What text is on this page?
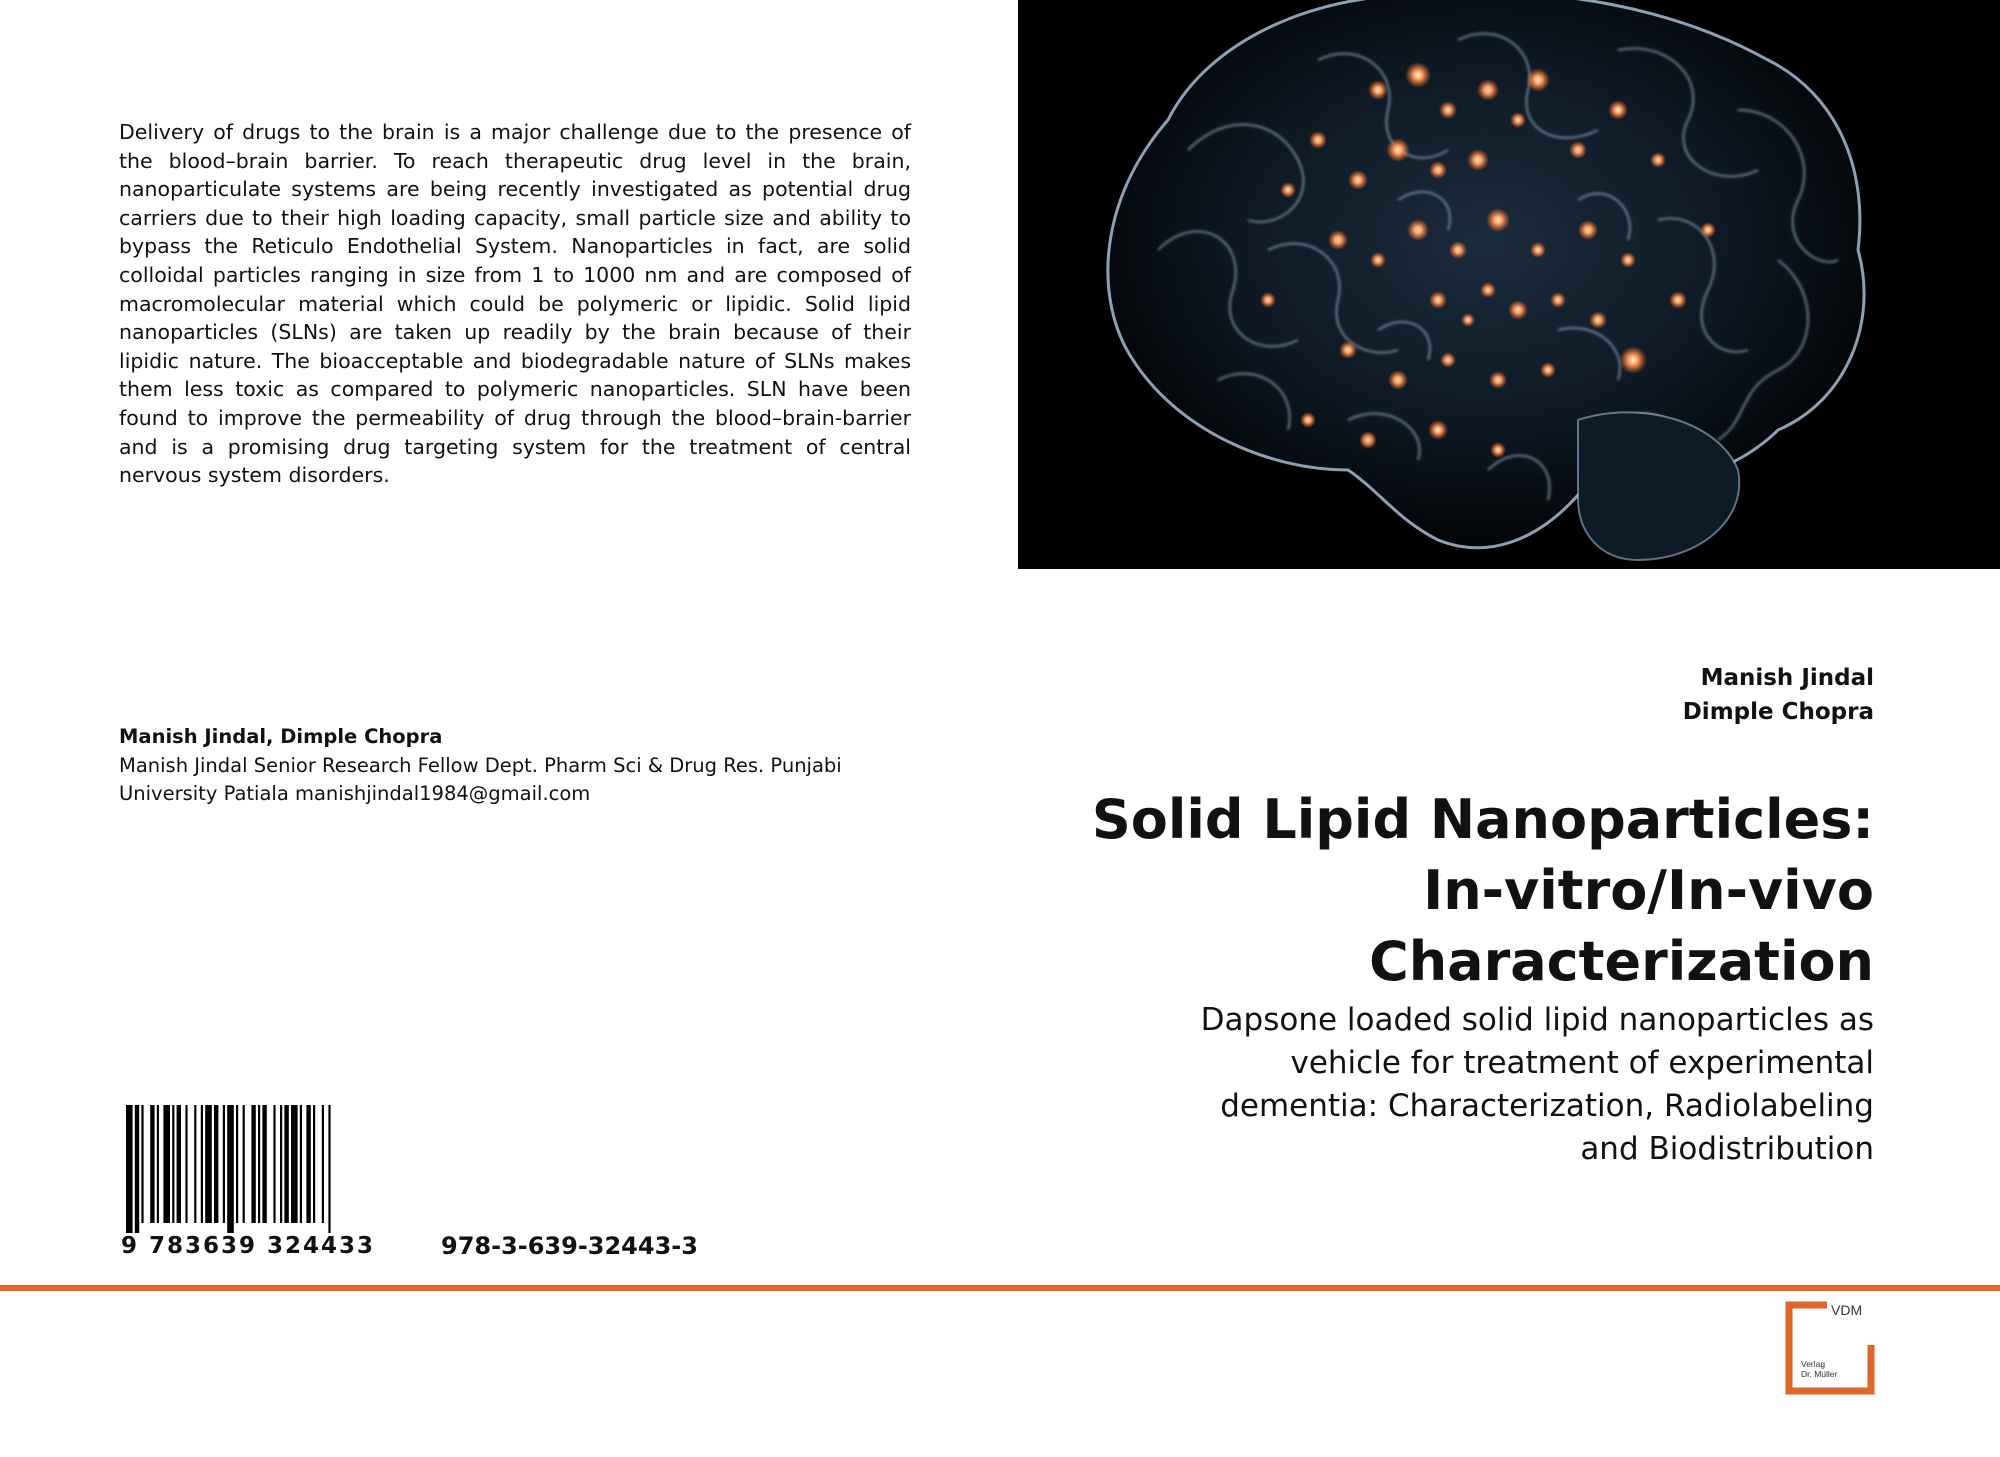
Delivery of drugs to the brain is a major challenge due to the presence of the blood–brain barrier. To reach therapeutic drug level in the brain, nanoparticulate systems are being recently investigated as potential drug carriers due to their high loading capacity, small particle size and ability to bypass the Reticulo Endothelial System. Nanoparticles in fact, are solid colloidal particles ranging in size from 1 to 1000 nm and are composed of macromolecular material which could be polymeric or lipidic. Solid lipid nanoparticles (SLNs) are taken up readily by the brain because of their lipidic nature. The bioacceptable and biodegradable nature of SLNs makes them less toxic as compared to polymeric nanoparticles. SLN have been found to improve the permeability of drug through the blood–brain-barrier and is a promising drug targeting system for the treatment of central nervous system disorders.

Manish Jindal
Dimple Chopra
Solid Lipid Nanoparticles:
In-vitro/In-vivo
Characterization
Dapsone loaded solid lipid nanoparticles as
vehicle for treatment of experimental
dementia: Characterization, Radiolabeling
and Biodistribution
Manish Jindal, Dimple Chopra
Manish Jindal Senior Research Fellow Dept. Pharm Sci & Drug Res. Punjabi University Patiala manishjindal1984@gmail.com
9 783639 324433	978-3-639-32443-3
VDM
Verlag
Dr. Müller
